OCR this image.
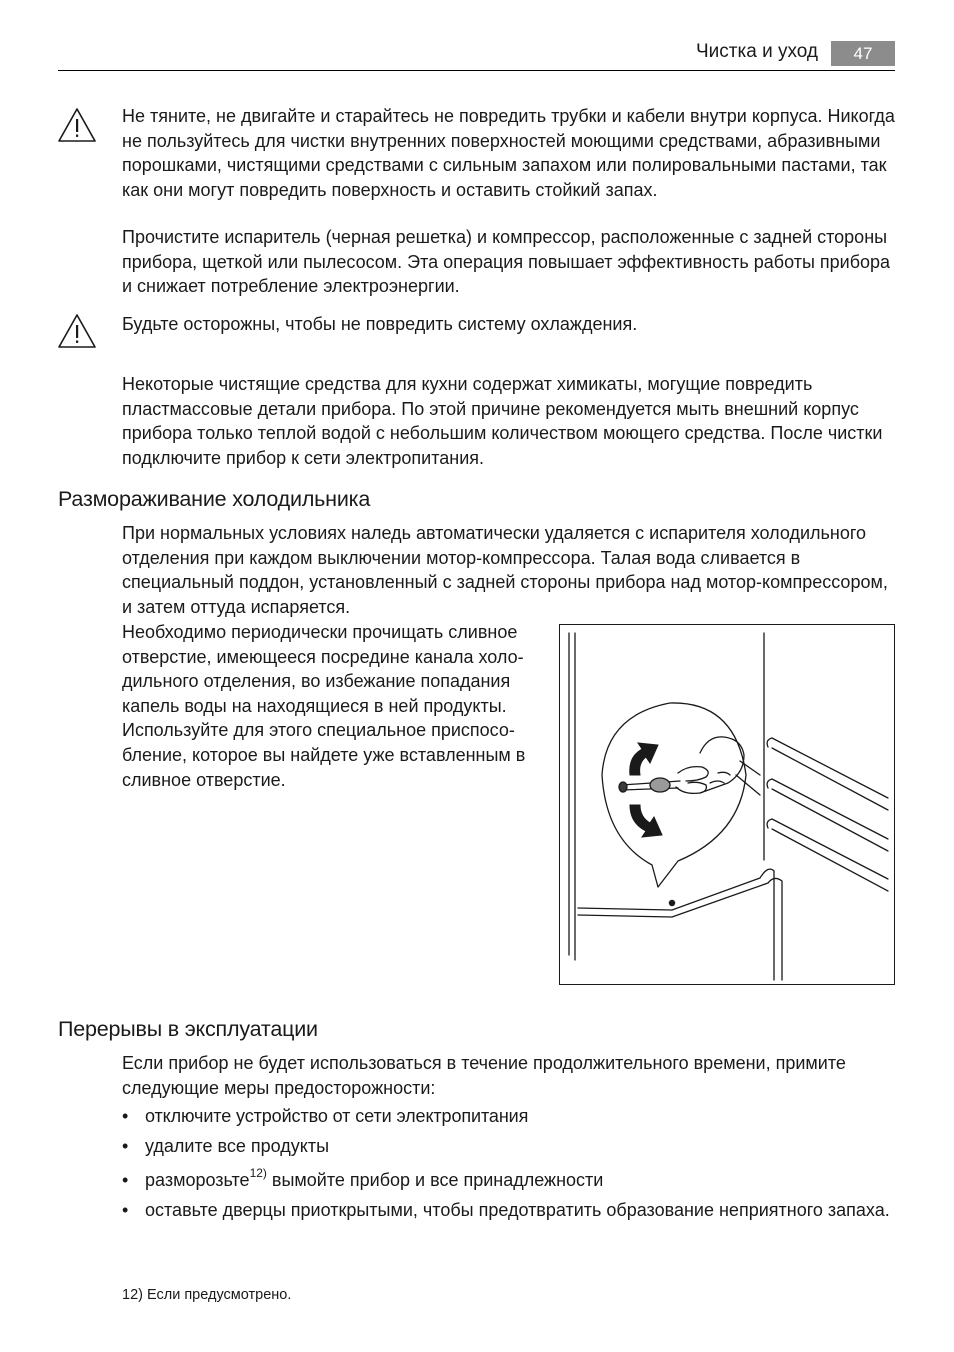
Чистка и уход	47

Не тяните, не двигайте и старайтесь не повредить трубки и кабели внутри корпуса. Никогда не пользуйтесь для чистки внутренних поверхностей моющими средствами, абразивными порошками, чистящими средствами с сильным запахом или полировальными пастами, так как они могут повредить поверхность и оставить стойкий запах.

Прочистите испаритель (черная решетка) и компрессор, расположенные с задней стороны прибора, щеткой или пылесосом. Эта операция повышает эффективность работы прибора и снижает потребление электроэнергии.

Будьте осторожны, чтобы не повредить систему охлаждения.

Некоторые чистящие средства для кухни содержат химикаты, могущие повредить пластмассовые детали прибора. По этой причине рекомендуется мыть внешний корпус прибора только теплой водой с небольшим количеством моющего средства. После чистки подключите прибор к сети электропитания.

Размораживание холодильника

При нормальных условиях наледь автоматически удаляется с испарителя холодильного отделения при каждом выключении мотор-компрессора. Талая вода сливается в специальный поддон, установленный с задней стороны прибора над мотор-компрессором, и затем оттуда испаряется.

Необходимо периодически прочищать сливное отверстие, имеющееся посредине канала холодильного отделения, во избежание попадания капель воды на находящиеся в ней продукты. Используйте для этого специальное приспособление, которое вы найдете уже вставленным в сливное отверстие.

Перерывы в эксплуатации

Если прибор не будет использоваться в течение продолжительного времени, примите следующие меры предосторожности:

• отключите устройство от сети электропитания
• удалите все продукты
• разморозьте$^{12)}$ вымойте прибор и все принадлежности
• оставьте дверцы приоткрытыми, чтобы предотвратить образование неприятного запаха.
12) Если предусмотрено.
